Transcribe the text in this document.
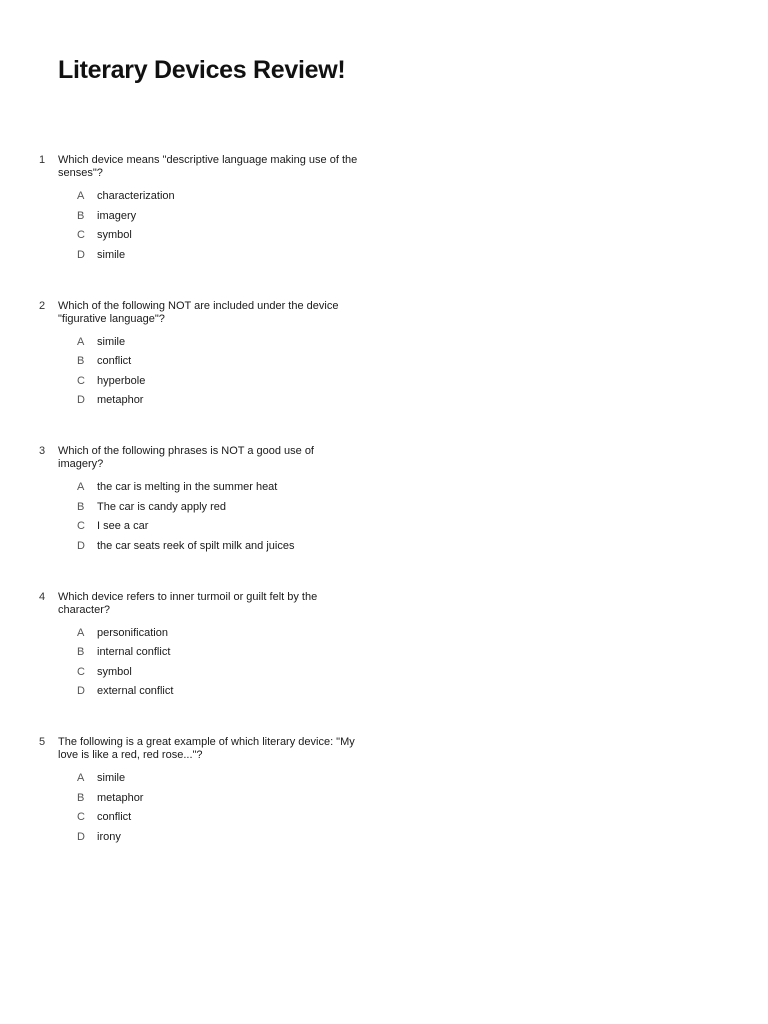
Literary Devices Review!
1 Which device means "descriptive language making use of the senses"?
A characterization
B imagery
C symbol
D simile
2 Which of the following NOT are included under the device "figurative language"?
A simile
B conflict
C hyperbole
D metaphor
3 Which of the following phrases is NOT a good use of imagery?
A the car is melting in the summer heat
B The car is candy apply red
C I see a car
D the car seats reek of spilt milk and juices
4 Which device refers to inner turmoil or guilt felt by the character?
A personification
B internal conflict
C symbol
D external conflict
5 The following is a great example of which literary device: "My love is like a red, red rose..."?
A simile
B metaphor
C conflict
D irony
